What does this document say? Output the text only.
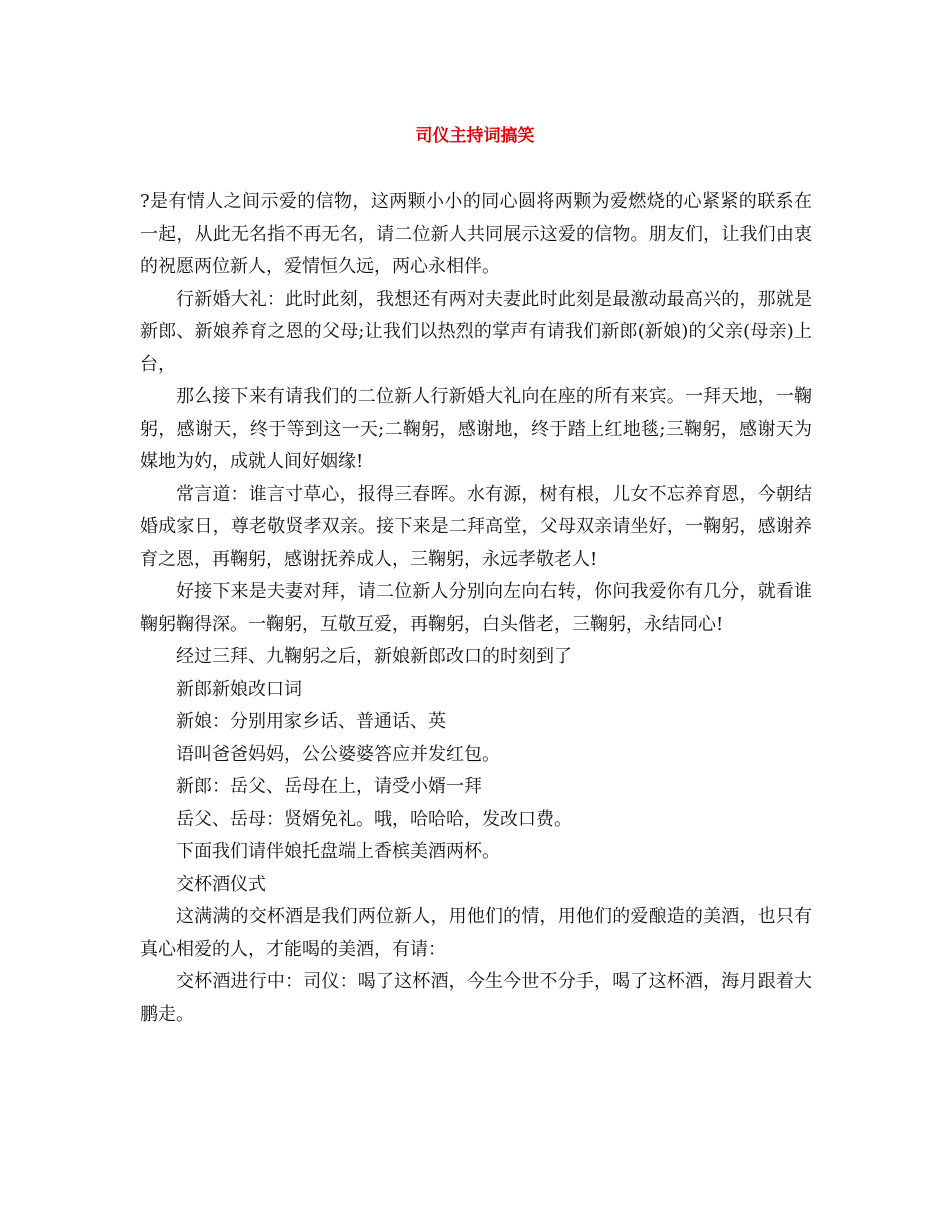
司仪主持词搞笑

?是有情人之间示爱的信物，这两颗小小的同心圆将两颗为爱燃烧的心紧紧的联系在一起，从此无名指不再无名，请二位新人共同展示这爱的信物。朋友们，让我们由衷的祝愿两位新人，爱情恒久远，两心永相伴。

行新婚大礼：此时此刻，我想还有两对夫妻此时此刻是最激动最高兴的，那就是新郎、新娘养育之恩的父母;让我们以热烈的掌声有请我们新郎(新娘)的父亲(母亲)上台，

那么接下来有请我们的二位新人行新婚大礼向在座的所有来宾。一拜天地，一鞠躬，感谢天，终于等到这一天;二鞠躬，感谢地，终于踏上红地毯;三鞠躬，感谢天为媒地为妁，成就人间好姻缘!

常言道：谁言寸草心，报得三春晖。水有源，树有根，儿女不忘养育恩，今朝结婚成家日，尊老敬贤孝双亲。接下来是二拜高堂，父母双亲请坐好，一鞠躬，感谢养育之恩，再鞠躬，感谢抚养成人，三鞠躬，永远孝敬老人!

好接下来是夫妻对拜，请二位新人分别向左向右转，你问我爱你有几分，就看谁鞠躬鞠得深。一鞠躬，互敬互爱，再鞠躬，白头偕老，三鞠躬，永结同心!

经过三拜、九鞠躬之后，新娘新郎改口的时刻到了

新郎新娘改口词

新娘：分别用家乡话、普通话、英

语叫爸爸妈妈，公公婆婆答应并发红包。

新郎：岳父、岳母在上，请受小婿一拜

岳父、岳母：贤婿免礼。哦，哈哈哈，发改口费。

下面我们请伴娘托盘端上香槟美酒两杯。

交杯酒仪式

这满满的交杯酒是我们两位新人，用他们的情，用他们的爱酿造的美酒，也只有真心相爱的人，才能喝的美酒，有请：

交杯酒进行中：司仪：喝了这杯酒，今生今世不分手，喝了这杯酒，海月跟着大鹏走。
